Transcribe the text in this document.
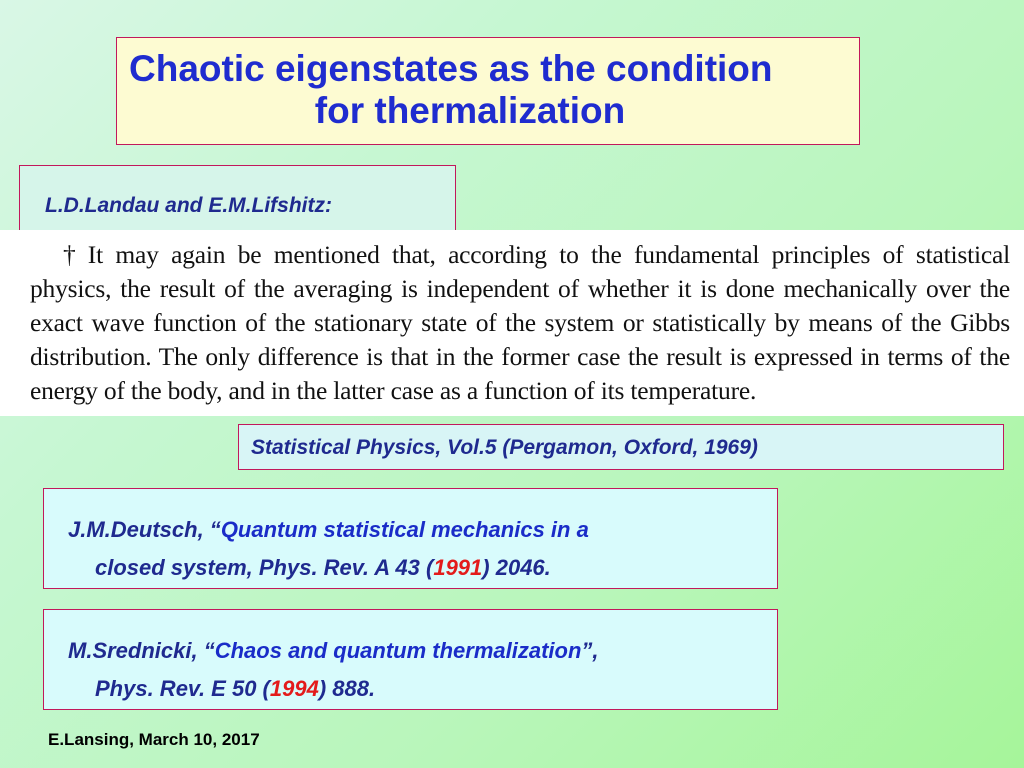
Chaotic eigenstates as the condition
for thermalization
L.D.Landau and E.M.Lifshitz:
† It may again be mentioned that, according to the fundamental principles of statistical physics, the result of the averaging is independent of whether it is done mechanically over the exact wave function of the stationary state of the system or statistically by means of the Gibbs distribution. The only difference is that in the former case the result is expressed in terms of the energy of the body, and in the latter case as a function of its temperature.
Statistical Physics, Vol.5 (Pergamon, Oxford, 1969)
J.M.Deutsch, “Quantum statistical mechanics in a
closed system, Phys. Rev. A 43 (1991) 2046.
M.Srednicki, “Chaos and quantum thermalization”,
Phys. Rev. E 50 (1994) 888.
E.Lansing, March 10, 2017
